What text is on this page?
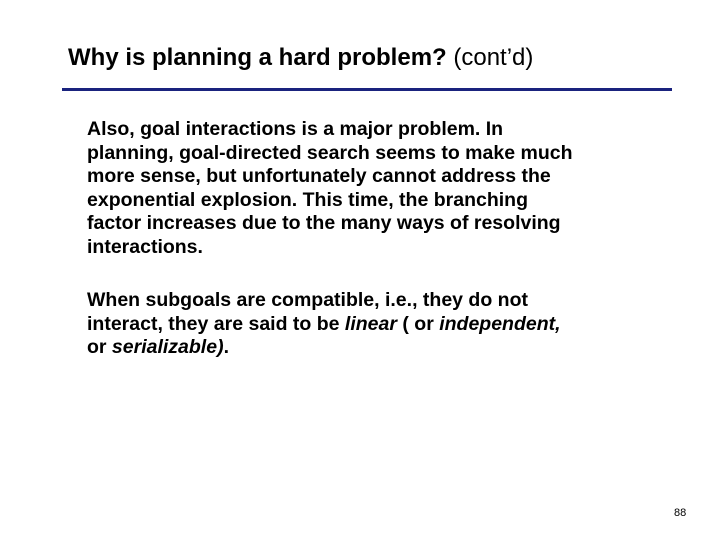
Why is planning a hard problem? (cont’d)
Also, goal interactions is a major problem. In
planning, goal-directed search seems to make much
more sense, but unfortunately cannot address the
exponential explosion. This time, the branching
factor increases due to the many ways of resolving
interactions.
When subgoals are compatible, i.e., they do not
interact, they are said to be linear ( or independent,
or serializable).
88
